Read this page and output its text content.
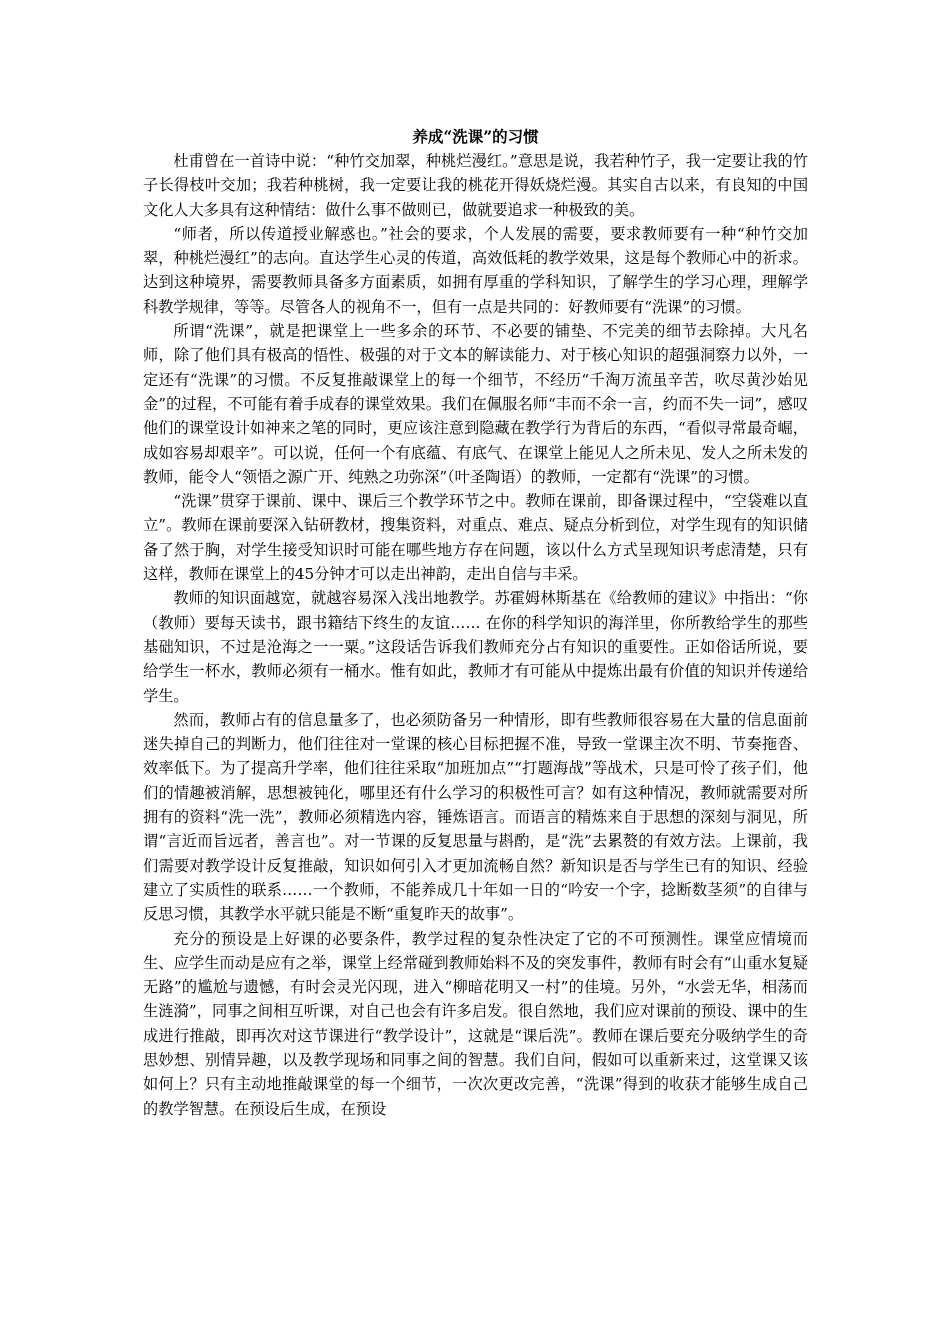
养成“洗课”的习惯

杜甫曾在一首诗中说：“种竹交加翠，种桃烂漫红。”意思是说，我若种竹子，我一定要让我的竹子长得枝叶交加；我若种桃树，我一定要让我的桃花开得妖烧烂漫。其实自古以来，有良知的中国文化人大多具有这种情结：做什么事不做则已，做就要追求一种极致的美。

“师者，所以传道授业解惑也。”社会的要求，个人发展的需要，要求教师要有一种“种竹交加翠，种桃烂漫红”的志向。直达学生心灵的传道，高效低耗的教学效果，这是每个教师心中的祈求。达到这种境界，需要教师具备多方面素质，如拥有厚重的学科知识，了解学生的学习心理，理解学科教学规律，等等。尽管各人的视角不一，但有一点是共同的：好教师要有“洗课”的习惯。

所谓“洗课”，就是把课堂上一些多余的环节、不必要的铺垫、不完美的细节去除掉。大凡名师，除了他们具有极高的悟性、极强的对于文本的解读能力、对于核心知识的超强洞察力以外，一定还有“洗课”的习惯。不反复推敲课堂上的每一个细节，不经历“千淘万流虽辛苦，吹尽黄沙始见金”的过程，不可能有着手成春的课堂效果。我们在佩服名师“丰而不余一言，约而不失一词”，感叹他们的课堂设计如神来之笔的同时，更应该注意到隐藏在教学行为背后的东西，“看似寻常最奇崛，成如容易却艰辛”。可以说，任何一个有底蕴、有底气、在课堂上能见人之所未见、发人之所未发的教师，能令人“领悟之源广开、纯熟之功弥深”（叶圣陶语）的教师，一定都有“洗课”的习惯。

“洗课”贯穿于课前、课中、课后三个教学环节之中。教师在课前，即备课过程中，“空袋难以直立”。教师在课前要深入钻研教材，搜集资料，对重点、难点、疑点分析到位，对学生现有的知识储备了然于胸，对学生接受知识时可能在哪些地方存在问题，该以什么方式呈现知识考虑清楚，只有这样，教师在课堂上的45分钟才可以走出神韵，走出自信与丰采。

教师的知识面越宽，就越容易深入浅出地教学。苏霍姆林斯基在《给教师的建议》中指出：“你（教师）要每天读书，跟书籍结下终生的友谊…… 在你的科学知识的海洋里，你所教给学生的那些基础知识，不过是沧海之一一粟。”这段话告诉我们教师充分占有知识的重要性。正如俗话所说，要给学生一杯水，教师必须有一桶水。惟有如此，教师才有可能从中提炼出最有价值的知识并传递给学生。

然而，教师占有的信息量多了，也必须防备另一种情形，即有些教师很容易在大量的信息面前迷失掉自己的判断力，他们往往对一堂课的核心目标把握不准，导致一堂课主次不明、节奏拖沓、效率低下。为了提高升学率，他们往往采取“加班加点”“打题海战”等战术，只是可怜了孩子们，他们的情趣被消解，思想被钝化，哪里还有什么学习的积极性可言？如有这种情况，教师就需要对所拥有的资料“洗一洗”，教师必须精选内容，锤炼语言。而语言的精炼来自于思想的深刻与洞见，所谓“言近而旨远者，善言也”。对一节课的反复思量与斟酌，是“洗”去累赘的有效方法。上课前，我们需要对教学设计反复推敲，知识如何引入才更加流畅自然？新知识是否与学生已有的知识、经验建立了实质性的联系……一个教师，不能养成几十年如一日的“吟安一个字，捻断数茎须”的自律与反思习惯，其教学水平就只能是不断“重复昨天的故事”。

充分的预设是上好课的必要条件，教学过程的复杂性决定了它的不可预测性。课堂应情境而生、应学生而动是应有之举，课堂上经常碰到教师始料不及的突发事件，教师有时会有“山重水复疑无路”的尴尬与遗憾，有时会灵光闪现，进入“柳暗花明又一村”的佳境。另外，“水尝无华，相荡而生涟漪”，同事之间相互听课，对自己也会有许多启发。很自然地，我们应对课前的预设、课中的生成进行推敲，即再次对这节课进行“教学设计”，这就是“课后洗”。教师在课后要充分吸纳学生的奇思妙想、别情异趣，以及教学现场和同事之间的智慧。我们自问，假如可以重新来过，这堂课又该如何上？只有主动地推敲课堂的每一个细节，一次次更改完善，“洗课”得到的收获才能够生成自己的教学智慧。在预设后生成，在预设
